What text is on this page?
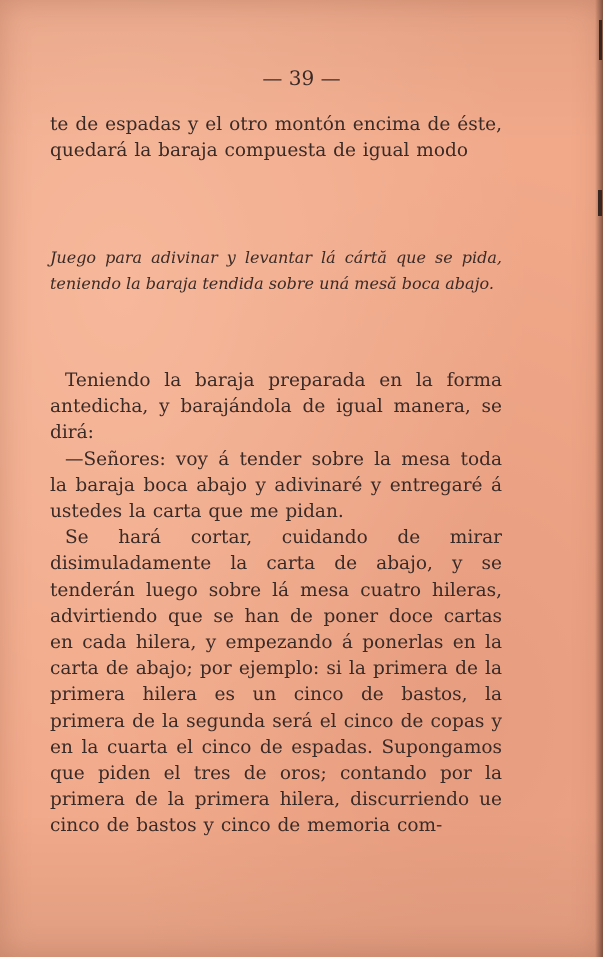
— 39 —

te de espadas y el otro montón encima de éste, quedará la baraja compuesta de igual modo

Juego para adivinar y levantar lá cártă que se pida, teniendo la baraja tendida sobre uná mesă boca abajo.

Teniendo la baraja preparada en la forma antedicha, y barajándola de igual manera, se dirá:

—Señores: voy á tender sobre la mesa toda la baraja boca abajo y adivinaré y entregaré á ustedes la carta que me pidan.

Se hará cortar, cuidando de mirar disimuladamente la carta de abajo, y se tenderán luego sobre lá mesa cuatro hileras, advirtiendo que se han de poner doce cartas en cada hilera, y empezando á ponerlas en la carta de abajo; por ejemplo: si la primera de la primera hilera es un cinco de bastos, la primera de la segunda será el cinco de copas y en la cuarta el cinco de espadas. Supongamos que piden el tres de oros; contando por la primera de la primera hilera, discurriendo ue cinco de bastos y cinco de memoria com-
